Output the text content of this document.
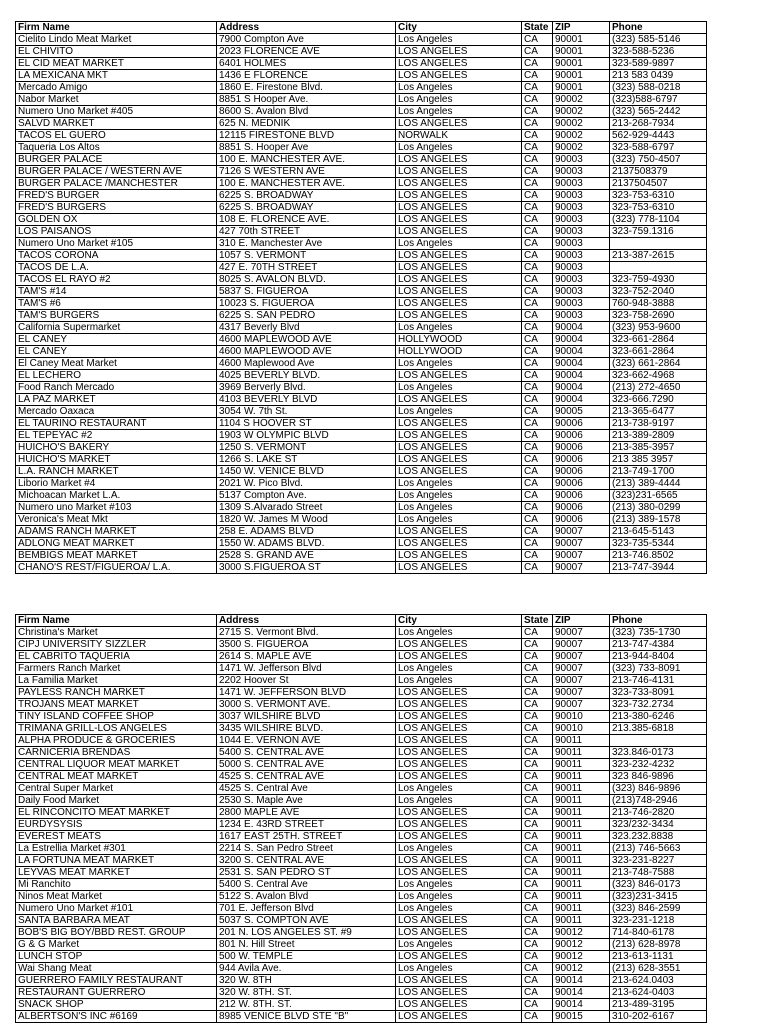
Firm Name	Address	City	State	ZIP	Phone
Cielito Lindo Meat Market	7900 Compton Ave	Los Angeles	CA	90001	(323) 585-5146
EL CHIVITO	2023 FLORENCE AVE	LOS ANGELES	CA	90001	323-588-5236
EL CID MEAT MARKET	6401 HOLMES	LOS ANGELES	CA	90001	323-589-9897
LA MEXICANA MKT	1436 E FLORENCE	LOS ANGELES	CA	90001	213 583 0439
Mercado Amigo	1860 E. Firestone Blvd.	Los Angeles	CA	90001	(323) 588-0218
Nabor Market	8851 S Hooper Ave.	Los Angeles	CA	90002	(323)588-6797
Numero Uno Market #405	8600 S. Avalon Blvd	Los Angeles	CA	90002	(323) 565-2442
SALVD MARKET	625 N. MEDNIK	LOS ANGELES	CA	90002	213-268-7934
TACOS EL GUERO	12115 FIRESTONE BLVD	NORWALK	CA	90002	562-929-4443
Taqueria Los Altos	8851 S. Hooper Ave	Los Angeles	CA	90002	323-588-6797
BURGER PALACE	100 E. MANCHESTER AVE.	LOS ANGELES	CA	90003	(323) 750-4507
BURGER PALACE / WESTERN AVE	7126 S WESTERN AVE	LOS ANGELES	CA	90003	2137508379
BURGER PALACE /MANCHESTER	100 E. MANCHESTER AVE.	LOS ANGELES	CA	90003	2137504507
FRED'S BURGER	6225 S. BROADWAY	LOS ANGELES	CA	90003	323-753-6310
FRED'S BURGERS	6225 S. BROADWAY	LOS ANGELES	CA	90003	323-753-6310
GOLDEN OX	108 E. FLORENCE AVE.	LOS ANGELES	CA	90003	(323) 778-1104
LOS PAISANOS	427 70th STREET	LOS ANGELES	CA	90003	323-759.1316
Numero Uno Market #105	310 E. Manchester Ave	Los Angeles	CA	90003	
TACOS CORONA	1057 S. VERMONT	LOS ANGELES	CA	90003	213-387-2615
TACOS DE L.A.	427 E. 70TH STREET	LOS ANGELES	CA	90003	
TACOS EL RAYO #2	8025 S. AVALON BLVD.	LOS ANGELES	CA	90003	323-759-4930
TAM'S #14	5837 S. FIGUEROA	LOS ANGELES	CA	90003	323-752-2040
TAM'S #6	10023 S. FIGUEROA	LOS ANGELES	CA	90003	760-948-3888
TAM'S BURGERS	6225 S. SAN PEDRO	LOS ANGELES	CA	90003	323-758-2690
California Supermarket	4317 Beverly Blvd	Los Angeles	CA	90004	(323) 953-9600
EL CANEY	4600 MAPLEWOOD AVE	HOLLYWOOD	CA	90004	323-661-2864
EL CANEY	4600 MAPLEWOOD AVE	HOLLYWOOD	CA	90004	323-661-2864
El Caney Meat Market	4600 Maplewood Ave	Los Angeles	CA	90004	(323) 661-2864
EL LECHERO	4025 BEVERLY BLVD.	LOS ANGELES	CA	90004	323-662-4968
Food Ranch Mercado	3969 Berverly Blvd.	Los Angeles	CA	90004	(213) 272-4650
LA PAZ MARKET	4103 BEVERLY BLVD	LOS ANGELES	CA	90004	323-666.7290
Mercado Oaxaca	3054 W. 7th St.	Los Angeles	CA	90005	213-365-6477
EL TAURINO RESTAURANT	1104 S HOOVER ST	LOS ANGELES	CA	90006	213-738-9197
EL TEPEYAC #2	1903 W OLYMPIC BLVD	LOS ANGELES	CA	90006	213-389-2809
HUICHO'S BAKERY	1250 S. VERMONT	LOS ANGELES	CA	90006	213-385-3957
HUICHO'S MARKET	1266 S. LAKE ST	LOS ANGELES	CA	90006	213 385 3957
L.A. RANCH MARKET	1450 W. VENICE BLVD	LOS ANGELES	CA	90006	213-749-1700
Liborio Market #4	2021 W. Pico Blvd.	Los Angeles	CA	90006	(213) 389-4444
Michoacan Market L.A.	5137 Compton Ave.	Los Angeles	CA	90006	(323)231-6565
Numero uno Market #103	1309 S.Alvarado Street	Los Angeles	CA	90006	(213) 380-0299
Veronica's Meat Mkt	1820 W. James M Wood	Los Angeles	CA	90006	(213) 389-1578
ADAMS RANCH MARKET	258 E. ADAMS BLVD	LOS ANGELES	CA	90007	213-645-5143
ADLONG MEAT MARKET	1550 W. ADAMS BLVD.	LOS ANGELES	CA	90007	323-735-5344
BEMBIGS MEAT MARKET	2528 S. GRAND AVE	LOS ANGELES	CA	90007	213-746.8502
CHANO'S REST/FIGUEROA/ L.A.	3000 S.FIGUEROA ST	LOS ANGELES	CA	90007	213-747-3944
Firm Name	Address	City	State	ZIP	Phone
Christina's Market	2715 S. Vermont Blvd.	Los Angeles	CA	90007	(323) 735-1730
CIPJ UNIVERSITY SIZZLER	3500 S. FIGUEROA	LOS ANGELES	CA	90007	213-747-4384
EL CABRITO TAQUERIA	2614 S. MAPLE AVE	LOS ANGELES	CA	90007	213-944-8404
Farmers Ranch Market	1471 W. Jefferson Blvd	Los Angeles	CA	90007	(323) 733-8091
La Familia Market	2202 Hoover St	Los Angeles	CA	90007	213-746-4131
PAYLESS RANCH MARKET	1471 W. JEFFERSON BLVD	LOS ANGELES	CA	90007	323-733-8091
TROJANS MEAT MARKET	3000 S. VERMONT AVE.	LOS ANGELES	CA	90007	323-732.2734
TINY ISLAND COFFEE SHOP	3037 WILSHIRE BLVD	LOS ANGELES	CA	90010	213-380-6246
TRIMANA GRILL-LOS ANGELES	3435 WILSHIRE BLVD.	LOS ANGELES	CA	90010	213.385-6818
ALPHA PRODUCE & GROCERIES	1044 E. VERNON AVE	LOS ANGELES	CA	90011	
CARNICERIA BRENDAS	5400 S. CENTRAL AVE	LOS ANGELES	CA	90011	323.846-0173
CENTRAL LIQUOR MEAT MARKET	5000 S. CENTRAL AVE	LOS ANGELES	CA	90011	323-232-4232
CENTRAL MEAT MARKET	4525 S. CENTRAL AVE	LOS ANGELES	CA	90011	323 846-9896
Central Super Market	4525 S. Central Ave	Los Angeles	CA	90011	(323) 846-9896
Daily Food Market	2530 S. Maple Ave	Los Angeles	CA	90011	(213)748-2946
EL RINCONCITO MEAT MARKET	2800 MAPLE AVE	LOS ANGELES	CA	90011	213-746-2820
EURDYSYSIS	1234 E. 43RD STREET	LOS ANGELES	CA	90011	323/232-3434
EVEREST MEATS	1617 EAST 25TH. STREET	LOS ANGELES	CA	90011	323.232.8838
La Estrellia Market #301	2214 S. San Pedro Street	Los Angeles	CA	90011	(213) 746-5663
LA FORTUNA MEAT MARKET	3200 S. CENTRAL AVE	LOS ANGELES	CA	90011	323-231-8227
LEYVAS MEAT MARKET	2531 S. SAN PEDRO ST	LOS ANGELES	CA	90011	213-748-7588
Mi Ranchito	5400 S. Central Ave	Los Angeles	CA	90011	(323) 846-0173
Ninos Meat Market	5122 S. Avalon Blvd	Los Angeles	CA	90011	(323)231-3415
Numero Uno Market #101	701 E. Jefferson Blvd	Los Angeles	CA	90011	(323) 846-2599
SANTA BARBARA MEAT	5037 S. COMPTON AVE	LOS ANGELES	CA	90011	323-231-1218
BOB'S BIG BOY/BBD REST. GROUP	201 N. LOS ANGELES ST. #9	LOS ANGELES	CA	90012	714-840-6178
G & G Market	801 N. Hill Street	Los Angeles	CA	90012	(213) 628-8978
LUNCH STOP	500 W. TEMPLE	LOS ANGELES	CA	90012	213-613-1131
Wai Shang Meat	944 Avila Ave.	Los Angeles	CA	90012	(213) 628-3551
GUERRERO FAMILY RESTAURANT	320 W. 8TH	LOS ANGELES	CA	90014	213-624.0403
RESTAURANT GUERRERO	320 W. 8TH. ST.	LOS ANGELES	CA	90014	213-624-0403
SNACK SHOP	212 W. 8TH. ST.	LOS ANGELES	CA	90014	213-489-3195
ALBERTSON'S INC #6169	8985 VENICE BLVD STE "B"	LOS ANGELES	CA	90015	310-202-6167
